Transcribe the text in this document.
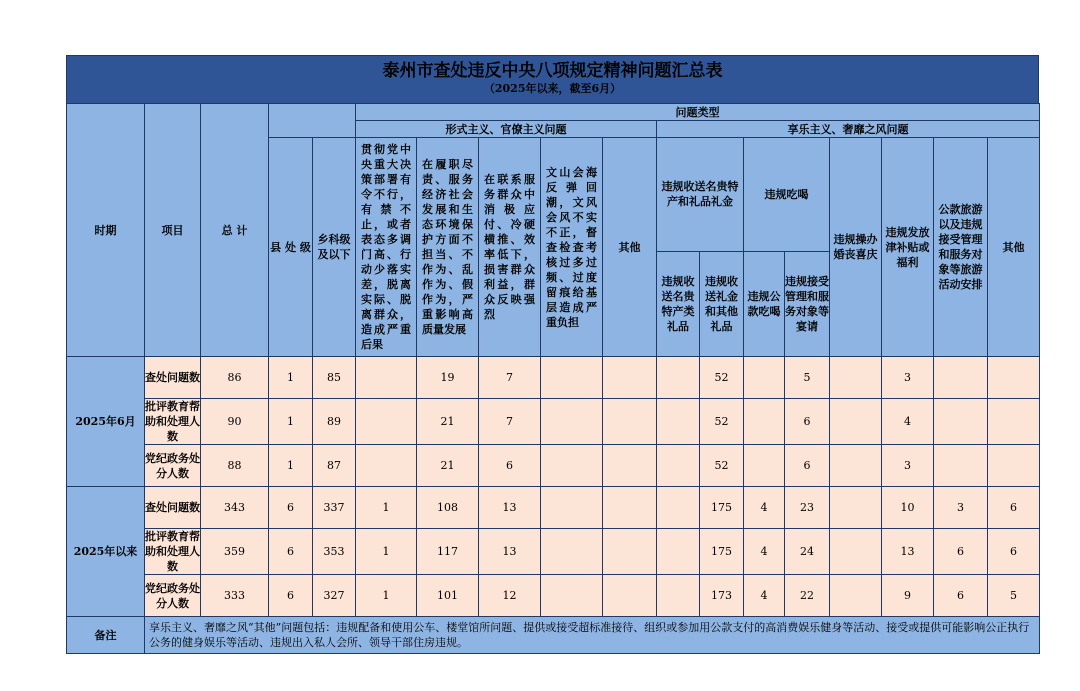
泰州市查处违反中央八项规定精神问题汇总表
（2025年以来，截至6月）
时期	项目	总 计			问题类型												
					形式主义、官僚主义问题					享乐主义、奢靡之风问题							
			县 处 级	乡科级及以下	贯彻党中央重大决策部署有令不行，有禁不止，或者表态多调门高、行动少落实差，脱离实际、脱离群众，造成严重后果	在履职尽责、服务经济社会发展和生态环境保护方面不担当、不作为、乱作为、假作为，严重影响高质量发展	在联系服务群众中消极应付、冷硬横推、效率低下，损害群众利益，群众反映强烈	文山会海反弹回潮，文风会风不实不正，督查检查考核过多过频、过度留痕给基层造成严重负担	其他	违规收送名贵特产和礼品礼金		违规吃喝		违规操办婚丧喜庆	违规发放津补贴或福利	公款旅游以及违规接受管理和服务对象等旅游活动安排	其他
										违规收送名贵特产类礼品	违规收送礼金和其他礼品	违规公款吃喝	违规接受管理和服务对象等宴请				
2025年6月	查处问题数	86	1	85		19	7				52		5		3		
	批评教育帮助和处理人数	90	1	89		21	7				52		6		4		
	党纪政务处分人数	88	1	87		21	6				52		6		3		
2025年以来	查处问题数	343	6	337	1	108	13				175	4	23		10	3	6
	批评教育帮助和处理人数	359	6	353	1	117	13				175	4	24		13	6	6
	党纪政务处分人数	333	6	327	1	101	12				173	4	22		9	6	5
备注	享乐主义、奢靡之风“其他”问题包括：违规配备和使用公车、楼堂馆所问题、提供或接受超标准接待、组织或参加用公款支付的高消费娱乐健身等活动、接受或提供可能影响公正执行公务的健身娱乐等活动、违规出入私人会所、领导干部住房违规。																
